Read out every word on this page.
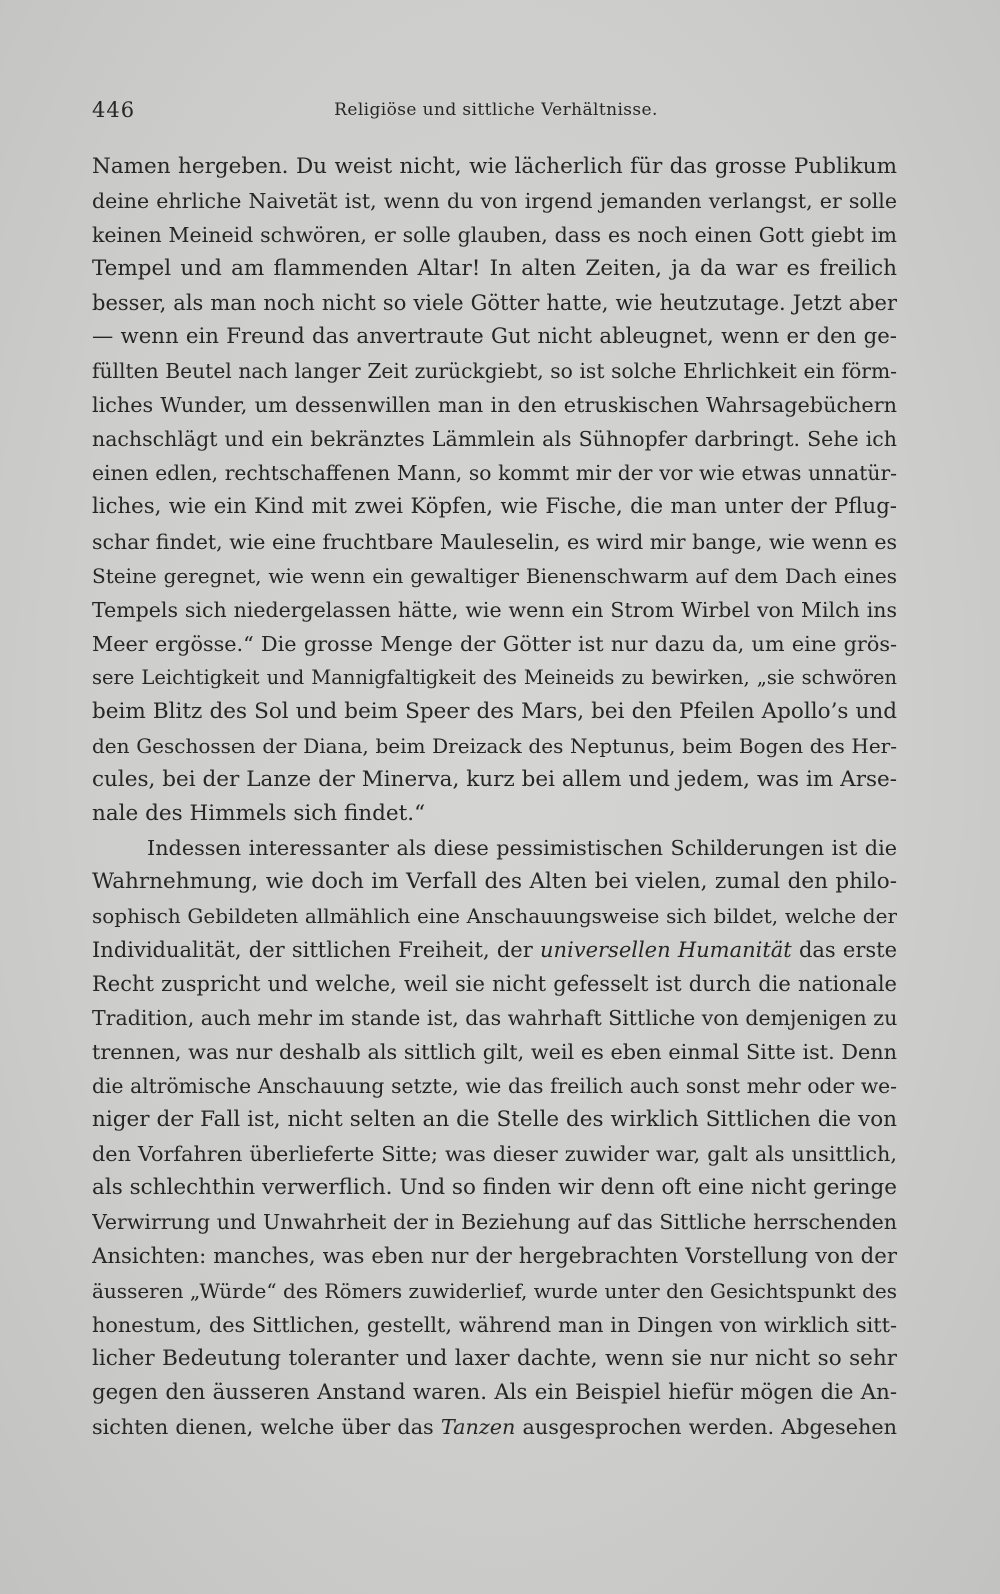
446	Religiöse und sittliche Verhältnisse.
Namen hergeben. Du weist nicht, wie lächerlich für das grosse Publikum
deine ehrliche Naivetät ist, wenn du von irgend jemanden verlangst, er solle
keinen Meineid schwören, er solle glauben, dass es noch einen Gott giebt im
Tempel und am flammenden Altar! In alten Zeiten, ja da war es freilich
besser, als man noch nicht so viele Götter hatte, wie heutzutage. Jetzt aber
— wenn ein Freund das anvertraute Gut nicht ableugnet, wenn er den ge-
füllten Beutel nach langer Zeit zurückgiebt, so ist solche Ehrlichkeit ein förm-
liches Wunder, um dessenwillen man in den etruskischen Wahrsagebüchern
nachschlägt und ein bekränztes Lämmlein als Sühnopfer darbringt. Sehe ich
einen edlen, rechtschaffenen Mann, so kommt mir der vor wie etwas unnatür-
liches, wie ein Kind mit zwei Köpfen, wie Fische, die man unter der Pflug-
schar findet, wie eine fruchtbare Mauleselin, es wird mir bange, wie wenn es
Steine geregnet, wie wenn ein gewaltiger Bienenschwarm auf dem Dach eines
Tempels sich niedergelassen hätte, wie wenn ein Strom Wirbel von Milch ins
Meer ergösse.“ Die grosse Menge der Götter ist nur dazu da, um eine grös-
sere Leichtigkeit und Mannigfaltigkeit des Meineids zu bewirken, „sie schwören
beim Blitz des Sol und beim Speer des Mars, bei den Pfeilen Apollo’s und
den Geschossen der Diana, beim Dreizack des Neptunus, beim Bogen des Her-
cules, bei der Lanze der Minerva, kurz bei allem und jedem, was im Arse-
nale des Himmels sich findet.“
Indessen interessanter als diese pessimistischen Schilderungen ist die
Wahrnehmung, wie doch im Verfall des Alten bei vielen, zumal den philo-
sophisch Gebildeten allmählich eine Anschauungsweise sich bildet, welche der
Individualität, der sittlichen Freiheit, der universellen Humanität das erste
Recht zuspricht und welche, weil sie nicht gefesselt ist durch die nationale
Tradition, auch mehr im stande ist, das wahrhaft Sittliche von demjenigen zu
trennen, was nur deshalb als sittlich gilt, weil es eben einmal Sitte ist. Denn
die altrömische Anschauung setzte, wie das freilich auch sonst mehr oder we-
niger der Fall ist, nicht selten an die Stelle des wirklich Sittlichen die von
den Vorfahren überlieferte Sitte; was dieser zuwider war, galt als unsittlich,
als schlechthin verwerflich. Und so finden wir denn oft eine nicht geringe
Verwirrung und Unwahrheit der in Beziehung auf das Sittliche herrschenden
Ansichten: manches, was eben nur der hergebrachten Vorstellung von der
äusseren „Würde“ des Römers zuwiderlief, wurde unter den Gesichtspunkt des
honestum, des Sittlichen, gestellt, während man in Dingen von wirklich sitt-
licher Bedeutung toleranter und laxer dachte, wenn sie nur nicht so sehr
gegen den äusseren Anstand waren. Als ein Beispiel hiefür mögen die An-
sichten dienen, welche über das Tanzen ausgesprochen werden. Abgesehen
